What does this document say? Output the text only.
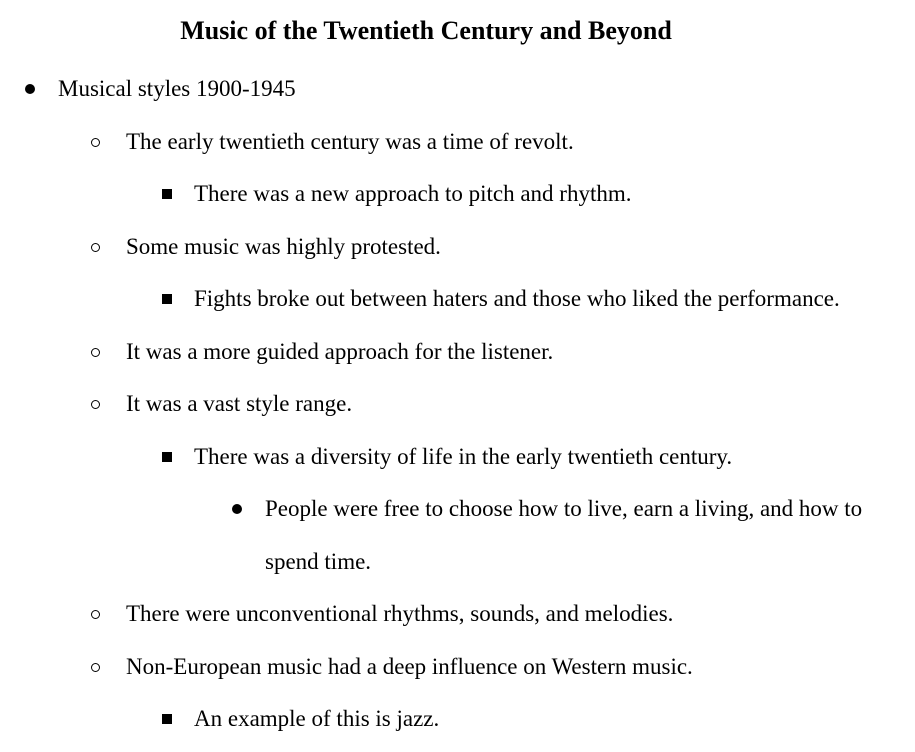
Music of the Twentieth Century and Beyond
Musical styles 1900-1945
The early twentieth century was a time of revolt.
There was a new approach to pitch and rhythm.
Some music was highly protested.
Fights broke out between haters and those who liked the performance.
It was a more guided approach for the listener.
It was a vast style range.
There was a diversity of life in the early twentieth century.
People were free to choose how to live, earn a living, and how to spend time.
There were unconventional rhythms, sounds, and melodies.
Non-European music had a deep influence on Western music.
An example of this is jazz.
